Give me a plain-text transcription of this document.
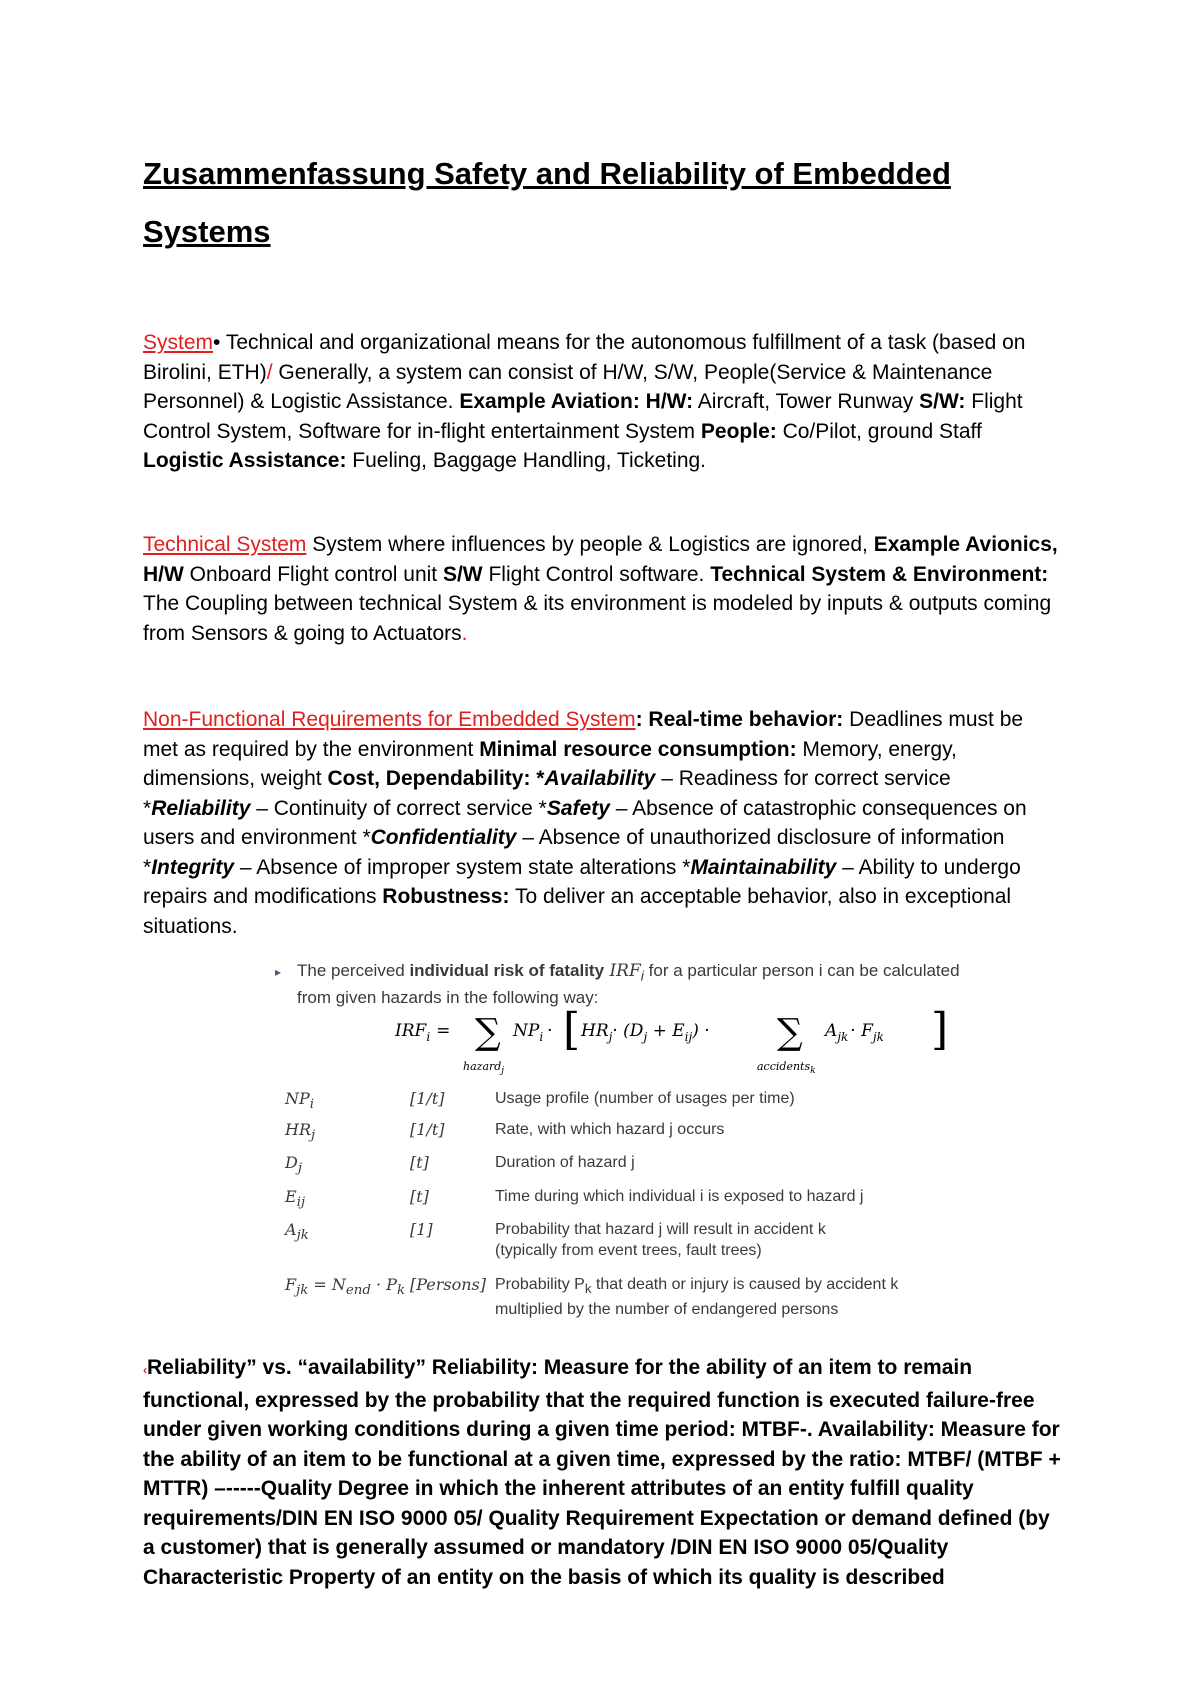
Zusammenfassung Safety and Reliability of Embedded
Systems

System• Technical and organizational means for the autonomous fulfillment of a task (based on Birolini, ETH)/ Generally, a system can consist of H/W, S/W, People(Service & Maintenance Personnel) & Logistic Assistance. Example Aviation: H/W: Aircraft, Tower Runway S/W: Flight Control System, Software for in-flight entertainment System People: Co/Pilot, ground Staff Logistic Assistance: Fueling, Baggage Handling, Ticketing.

Technical System System where influences by people & Logistics are ignored, Example Avionics, H/W Onboard Flight control unit S/W Flight Control software. Technical System & Environment: The Coupling between technical System & its environment is modeled by inputs & outputs coming from Sensors & going to Actuators.

Non-Functional Requirements for Embedded System: Real-time behavior: Deadlines must be met as required by the environment Minimal resource consumption: Memory, energy, dimensions, weight Cost, Dependability: *Availability – Readiness for correct service *Reliability – Continuity of correct service *Safety – Absence of catastrophic consequences on users and environment *Confidentiality – Absence of unauthorized disclosure of information *Integrity – Absence of improper system state alterations *Maintainability – Ability to undergo repairs and modifications Robustness: To deliver an acceptable behavior, also in exceptional situations.

▸ The perceived individual risk of fatality $IRF_i$ for a particular person i can be calculated from given hazards in the following way:
$IRF_i$ = ∑
hazard$_j$
$NP_i$ · [ $HR_j\cdot (D_j + E_{ij})$ · ∑
accidents$_k$
$A_{jk} \cdot F_{jk}$ ]
$NP_i$	[1/t]	Usage profile (number of usages per time)
$HR_j$	[1/t]	Rate, with which hazard j occurs
$D_j$	[t]	Duration of hazard j
$E_{ij}$	[t]	Time during which individual i is exposed to hazard j
$A_{jk}$	[1]	Probability that hazard j will result in accident k
(typically from event trees, fault trees)
$F_{jk} = N_{end} \cdot P_k$ [Persons] Probability $P_k$ that death or injury is caused by accident k
multiplied by the number of endangered persons

‹Reliability” vs. “availability” Reliability: Measure for the ability of an item to remain functional, expressed by the probability that the required function is executed failure-free under given working conditions during a given time period: MTBF-. Availability: Measure for the ability of an item to be functional at a given time, expressed by the ratio: MTBF/ (MTBF + MTTR) –-----Quality Degree in which the inherent attributes of an entity fulfill quality requirements/DIN EN ISO 9000 05/ Quality Requirement Expectation or demand defined (by a customer) that is generally assumed or mandatory /DIN EN ISO 9000 05/Quality Characteristic Property of an entity on the basis of which its quality is described
